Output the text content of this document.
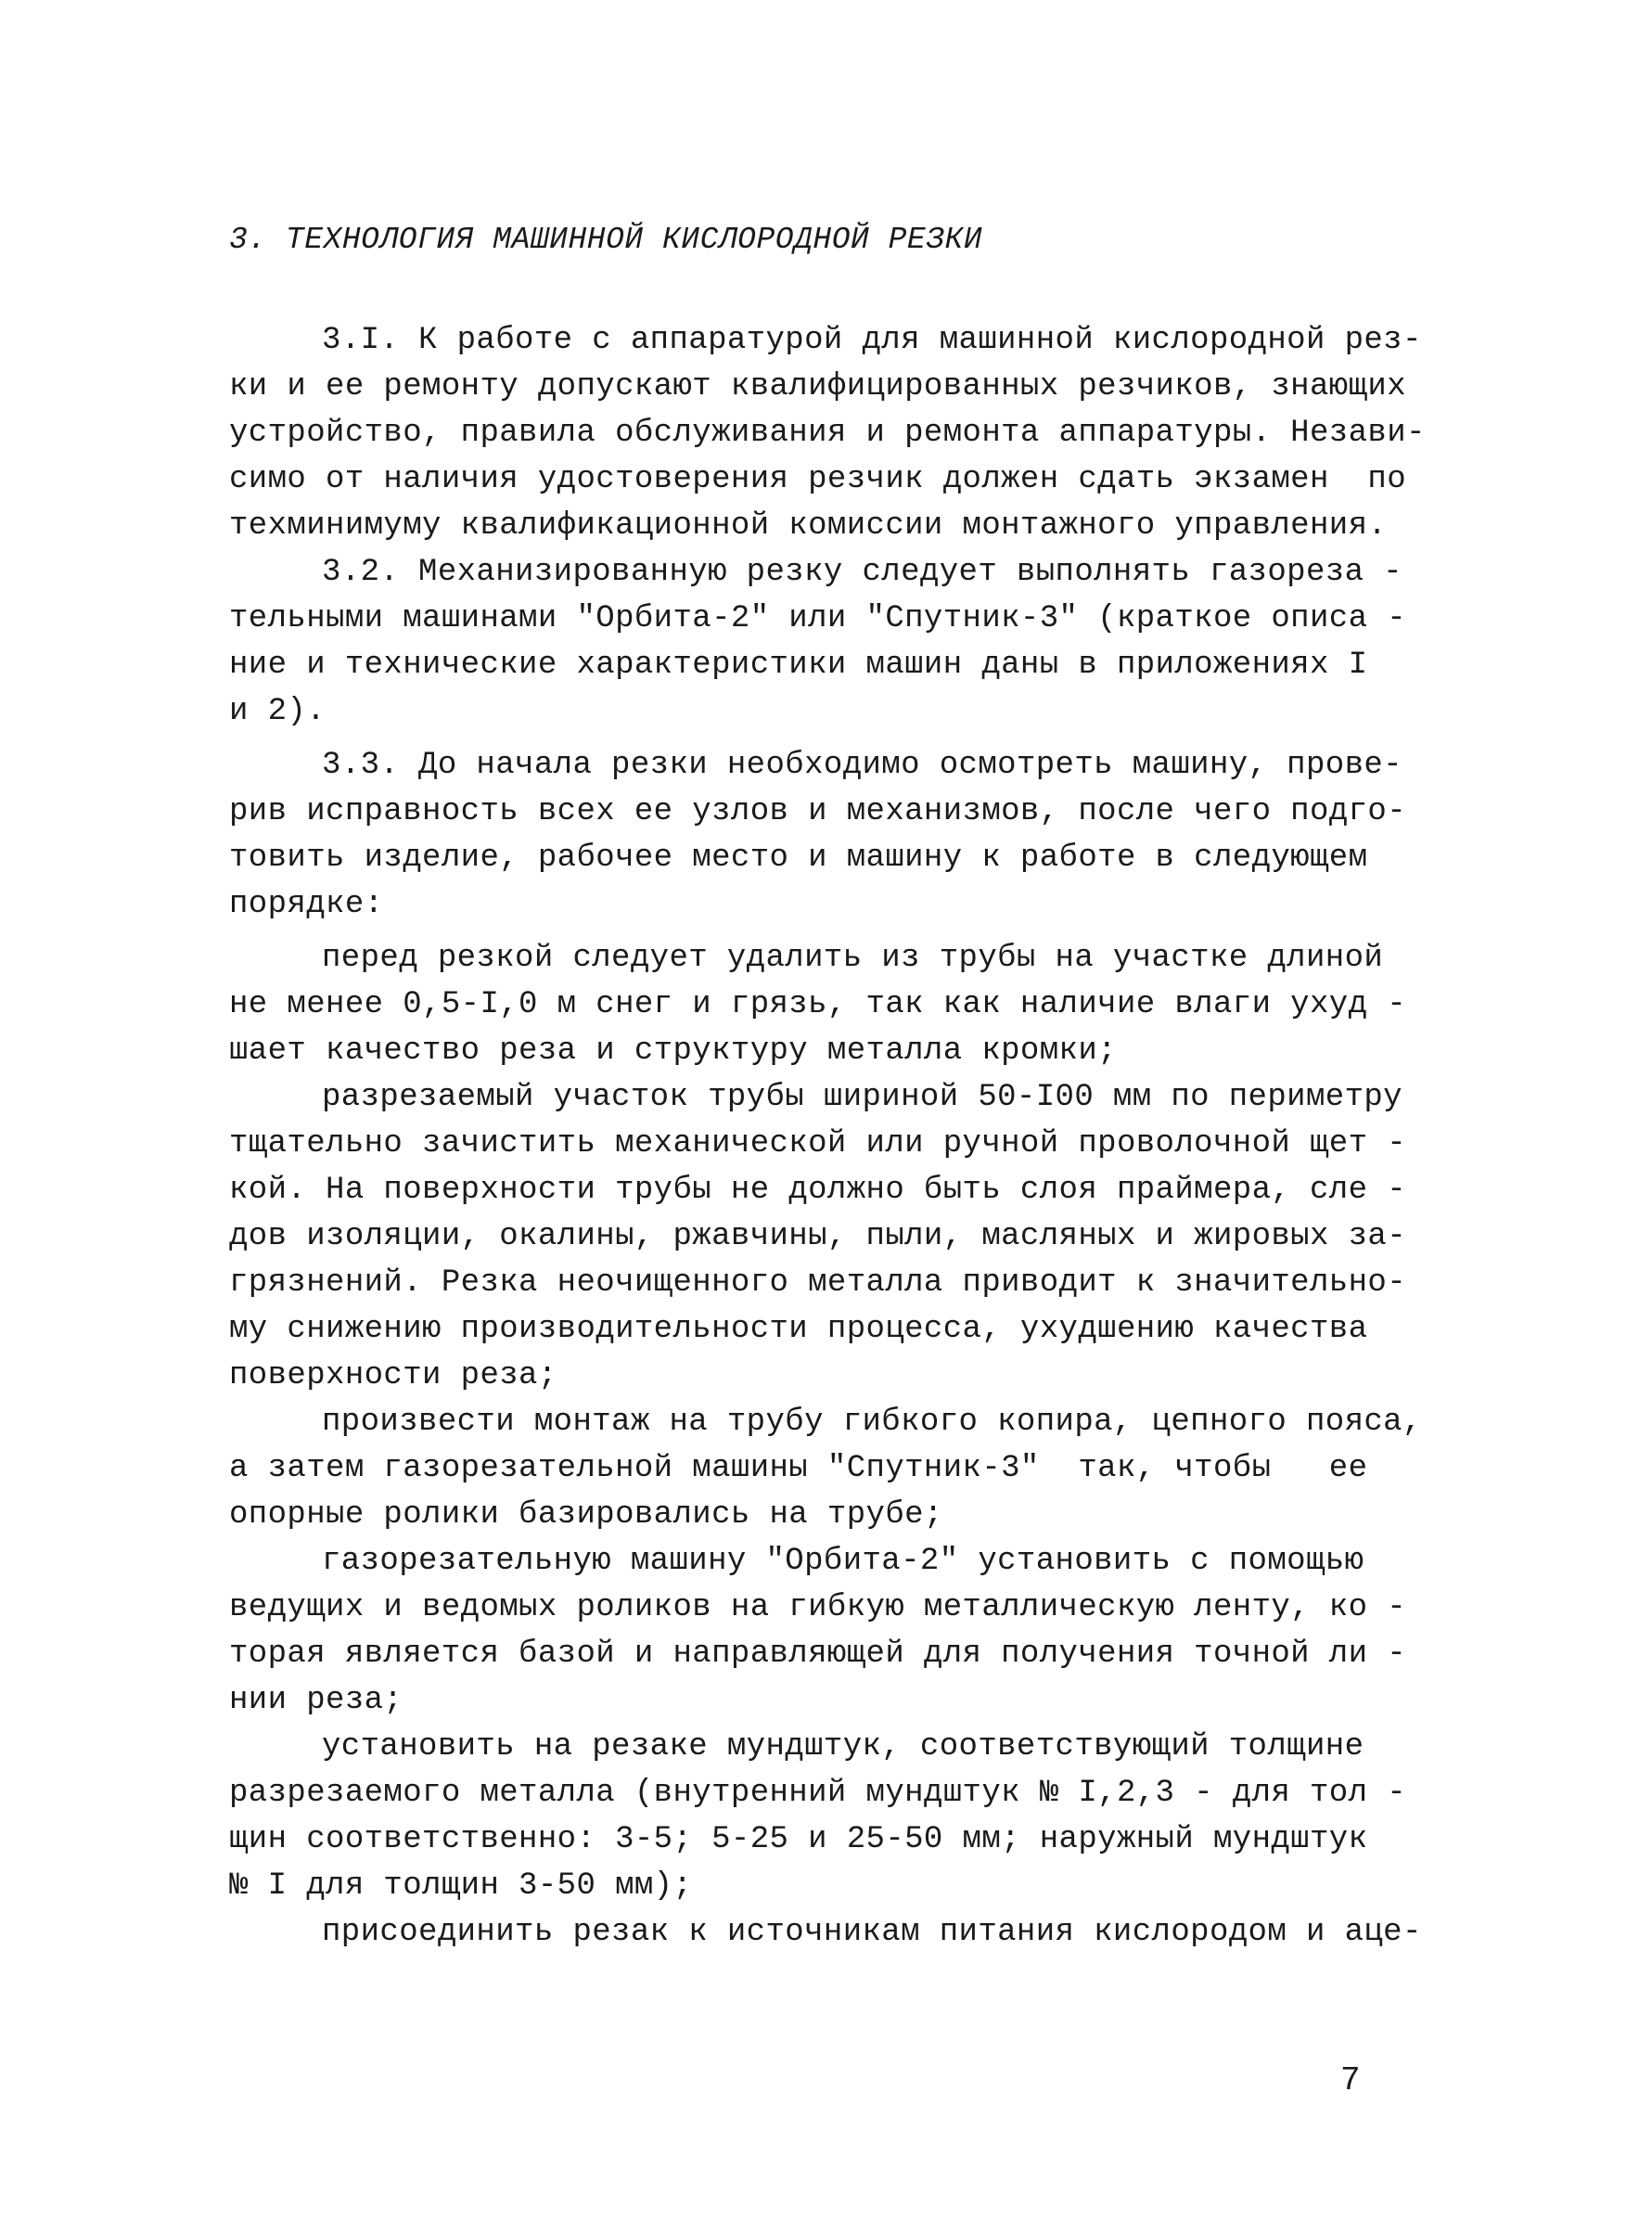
3. ТЕХНОЛОГИЯ МАШИННОЙ КИСЛОРОДНОЙ РЕЗКИ
3.I. К работе с аппаратурой для машинной кислородной рез-
ки и ее ремонту допускают квалифицированных резчиков, знающих
устройство, правила обслуживания и ремонта аппаратуры. Незави-
симо от наличия удостоверения резчик должен сдать экзамен  по
техминимуму квалификационной комиссии монтажного управления.
3.2. Механизированную резку следует выполнять газореза -
тельными машинами "Орбита-2" или "Спутник-3" (краткое описа -
ние и технические характеристики машин даны в приложениях I
и 2).
3.3. До начала резки необходимо осмотреть машину, прове-
рив исправность всех ее узлов и механизмов, после чего подго-
товить изделие, рабочее место и машину к работе в следующем
порядке:
перед резкой следует удалить из трубы на участке длиной
не менее 0,5-I,0 м снег и грязь, так как наличие влаги ухуд -
шает качество реза и структуру металла кромки;
разрезаемый участок трубы шириной 50-I00 мм по периметру
тщательно зачистить механической или ручной проволочной щет -
кой. На поверхности трубы не должно быть слоя праймера, сле -
дов изоляции, окалины, ржавчины, пыли, масляных и жировых за-
грязнений. Резка неочищенного металла приводит к значительно-
му снижению производительности процесса, ухудшению качества
поверхности реза;
произвести монтаж на трубу гибкого копира, цепного пояса,
а затем газорезательной машины "Спутник-3"  так, чтобы   ее
опорные ролики базировались на трубе;
газорезательную машину "Орбита-2" установить с помощью
ведущих и ведомых роликов на гибкую металлическую ленту, ко -
торая является базой и направляющей для получения точной ли -
нии реза;
установить на резаке мундштук, соответствующий толщине
разрезаемого металла (внутренний мундштук № I,2,3 - для тол -
щин соответственно: 3-5; 5-25 и 25-50 мм; наружный мундштук
№ I для толщин 3-50 мм);
присоединить резак к источникам питания кислородом и аце-
7
